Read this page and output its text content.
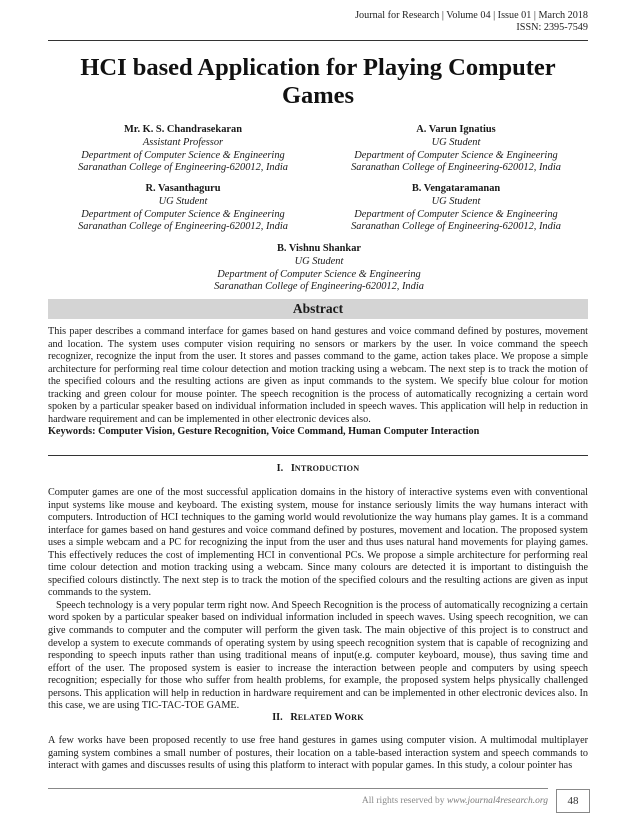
Journal for Research | Volume 04 | Issue 01 | March 2018
ISSN: 2395-7549
HCI based Application for Playing Computer Games
Mr. K. S. Chandrasekaran
Assistant Professor
Department of Computer Science & Engineering
Saranathan College of Engineering-620012, India
A. Varun Ignatius
UG Student
Department of Computer Science & Engineering
Saranathan College of Engineering-620012, India
R. Vasanthaguru
UG Student
Department of Computer Science & Engineering
Saranathan College of Engineering-620012, India
B. Vengataramanan
UG Student
Department of Computer Science & Engineering
Saranathan College of Engineering-620012, India
B. Vishnu Shankar
UG Student
Department of Computer Science & Engineering
Saranathan College of Engineering-620012, India
Abstract
This paper describes a command interface for games based on hand gestures and voice command defined by postures, movement and location. The system uses computer vision requiring no sensors or markers by the user. In voice command the speech recognizer, recognize the input from the user. It stores and passes command to the game, action takes place. We propose a simple architecture for performing real time colour detection and motion tracking using a webcam. The next step is to track the motion of the specified colours and the resulting actions are given as input commands to the system. We specify blue colour for motion tracking and green colour for mouse pointer. The speech recognition is the process of automatically recognizing a certain word spoken by a particular speaker based on individual information included in speech waves. This application will help in reduction in hardware requirement and can be implemented in other electronic devices also.
Keywords: Computer Vision, Gesture Recognition, Voice Command, Human Computer Interaction
I. INTRODUCTION
Computer games are one of the most successful application domains in the history of interactive systems even with conventional input systems like mouse and keyboard. The existing system, mouse for instance seriously limits the way humans interact with computers. Introduction of HCI techniques to the gaming world would revolutionize the way humans play games. It is a command interface for games based on hand gestures and voice command defined by postures, movement and location. The proposed system uses a simple webcam and a PC for recognizing the input from the user and thus uses natural hand movements for playing games. This effectively reduces the cost of implementing HCI in conventional PCs. We propose a simple architecture for performing real time colour detection and motion tracking using a webcam. Since many colours are detected it is important to distinguish the specified colours distinctly. The next step is to track the motion of the specified colours and the resulting actions are given as input commands to the system.
Speech technology is a very popular term right now. And Speech Recognition is the process of automatically recognizing a certain word spoken by a particular speaker based on individual information included in speech waves. Using speech recognition, we can give commands to computer and the computer will perform the given task. The main objective of this project is to construct and develop a system to execute commands of operating system by using speech recognition system that is capable of recognizing and responding to speech inputs rather than using traditional means of input(e.g. computer keyboard, mouse), thus saving time and effort of the user. The proposed system is easier to increase the interaction between people and computers by using speech recognition; especially for those who suffer from health problems, for example, the proposed system helps physically challenged persons. This application will help in reduction in hardware requirement and can be implemented in other electronic devices also. In this case, we are using TIC-TAC-TOE GAME.
II. RELATED WORK
A few works have been proposed recently to use free hand gestures in games using computer vision. A multimodal multiplayer gaming system combines a small number of postures, their location on a table-based interaction system and speech commands to interact with games and discusses results of using this platform to interact with popular games. In this study, a colour pointer has
All rights reserved by www.journal4research.org	48
